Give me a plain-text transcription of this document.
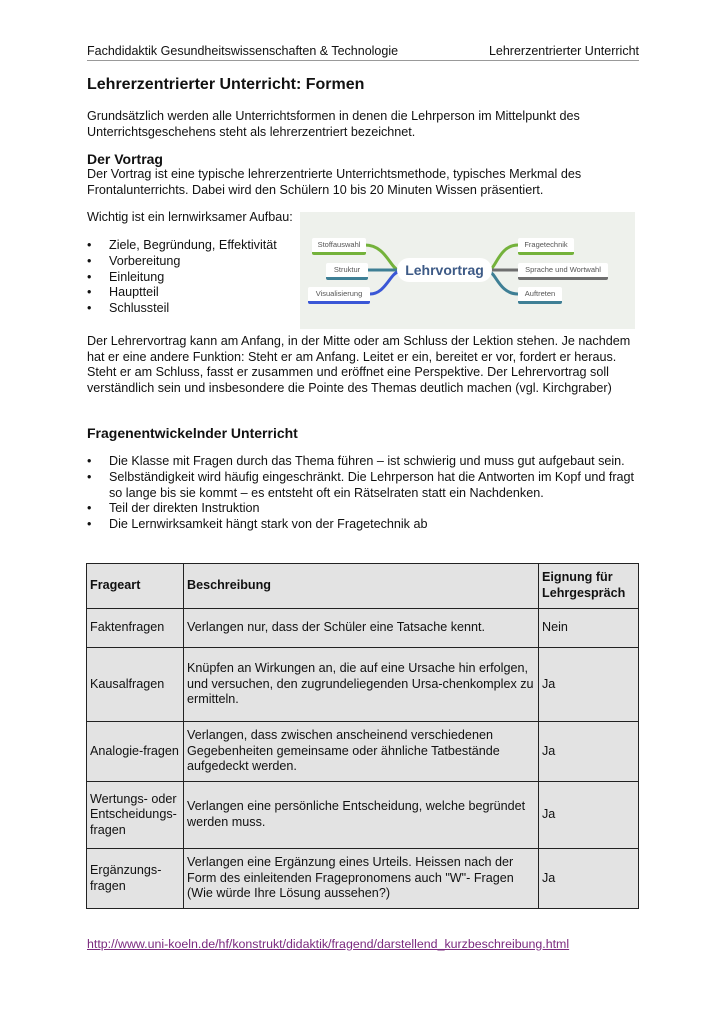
Fachdidaktik Gesundheitswissenschaften & Technologie	Lehrerzentrierter Unterricht
Lehrerzentrierter Unterricht: Formen
Grundsätzlich werden alle Unterrichtsformen in denen die Lehrperson im Mittelpunkt des Unterrichtsgeschehens steht als lehrerzentriert bezeichnet.
Der Vortrag
Der Vortrag ist eine typische lehrerzentrierte Unterrichtsmethode, typisches Merkmal des Frontalunterrichts. Dabei wird den Schülern 10 bis 20 Minuten Wissen präsentiert.
Wichtig ist ein lernwirksamer Aufbau:
• Ziele, Begründung, Effektivität
• Vorbereitung
• Einleitung
• Hauptteil
• Schlussteil
Stoffauswahl
Struktur
Visualisierung
Lehrvortrag
Fragetechnik
Sprache und Wortwahl
Auftreten
Der Lehrervortrag kann am Anfang, in der Mitte oder am Schluss der Lektion stehen. Je nachdem hat er eine andere Funktion: Steht er am Anfang. Leitet er ein, bereitet er vor, fordert er heraus. Steht er am Schluss, fasst er zusammen und eröffnet eine Perspektive. Der Lehrervortrag soll verständlich sein und insbesondere die Pointe des Themas deutlich machen (vgl. Kirchgraber)
Fragenentwickelnder Unterricht
• Die Klasse mit Fragen durch das Thema führen – ist schwierig und muss gut aufgebaut sein.
• Selbständigkeit wird häufig eingeschränkt. Die Lehrperson hat die Antworten im Kopf und fragt so lange bis sie kommt – es entsteht oft ein Rätselraten statt ein Nachdenken.
• Teil der direkten Instruktion
• Die Lernwirksamkeit hängt stark von der Fragetechnik ab
Frageart	Beschreibung	Eignung für Lehrgespräch
Faktenfragen	Verlangen nur, dass der Schüler eine Tatsache kennt.	Nein
Kausalfragen	Knüpfen an Wirkungen an, die auf eine Ursache hin erfolgen, und versuchen, den zugrundeliegenden Ursa-chenkomplex zu ermitteln.	Ja
Analogie-fragen	Verlangen, dass zwischen anscheinend verschiedenen Gegebenheiten gemeinsame oder ähnliche Tatbestände aufgedeckt werden.	Ja
Wertungs- oder Entscheidungs-fragen	Verlangen eine persönliche Entscheidung, welche begründet werden muss.	Ja
Ergänzungs-fragen	Verlangen eine Ergänzung eines Urteils. Heissen nach der Form des einleitenden Fragepronomens auch "W"- Fragen (Wie würde Ihre Lösung aussehen?)	Ja
http://www.uni-koeln.de/hf/konstrukt/didaktik/fragend/darstellend_kurzbeschreibung.html
